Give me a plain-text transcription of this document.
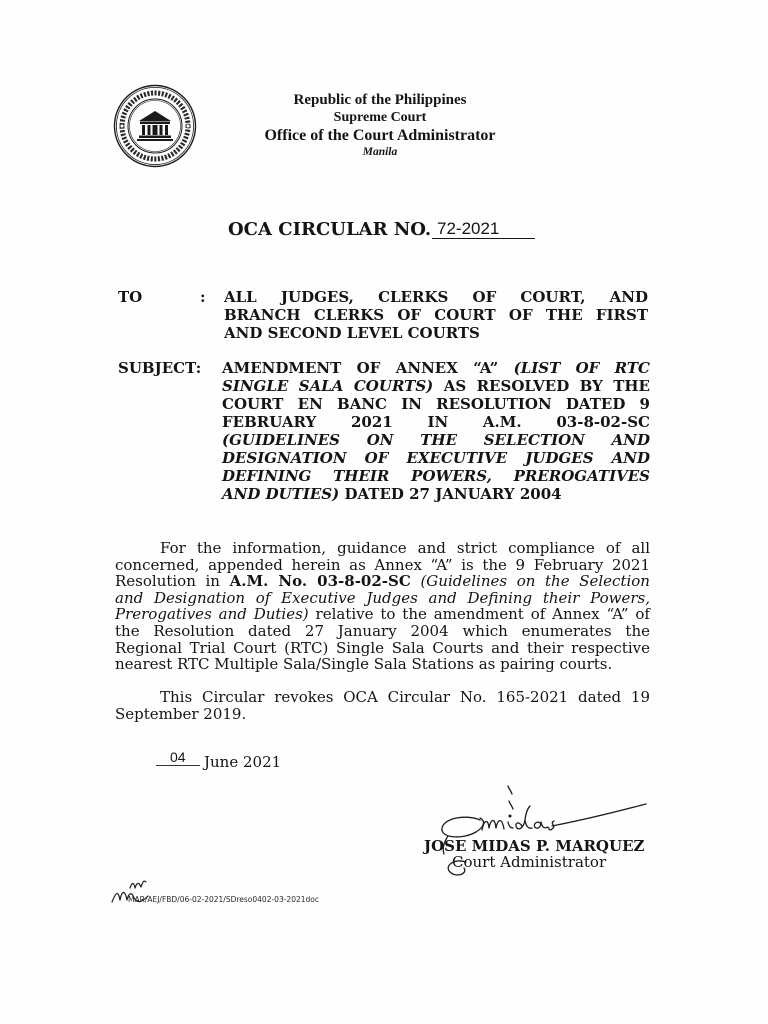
Republic of the Philippines
Supreme Court
Office of the Court Administrator
Manila
OCA CIRCULAR NO. 72-2021
TO	: ALL JUDGES, CLERKS OF COURT, AND
BRANCH CLERKS OF COURT OF THE FIRST
AND SECOND LEVEL COURTS
SUBJECT: AMENDMENT OF ANNEX “A” (LIST OF RTC
SINGLE SALA COURTS) AS RESOLVED BY THE
COURT EN BANC IN RESOLUTION DATED 9
FEBRUARY 2021 IN A.M. 03-8-02-SC
(GUIDELINES ON THE SELECTION AND
DESIGNATION OF EXECUTIVE JUDGES AND
DEFINING THEIR POWERS, PREROGATIVES
AND DUTIES) DATED 27 JANUARY 2004
For the information, guidance and strict compliance of all
concerned, appended herein as Annex “A” is the 9 February 2021
Resolution in A.M. No. 03-8-02-SC (Guidelines on the Selection
and Designation of Executive Judges and Defining their Powers,
Prerogatives and Duties) relative to the amendment of Annex “A” of
the Resolution dated 27 January 2004 which enumerates the
Regional Trial Court (RTC) Single Sala Courts and their respective
nearest RTC Multiple Sala/Single Sala Stations as pairing courts.
This Circular revokes OCA Circular No. 165-2021 dated 19
September 2019.
04 June 2021
JOSE MIDAS P. MARQUEZ
Court Administrator
MAR/AEJ/FBD/06-02-2021/SDreso0402-03-2021doc
